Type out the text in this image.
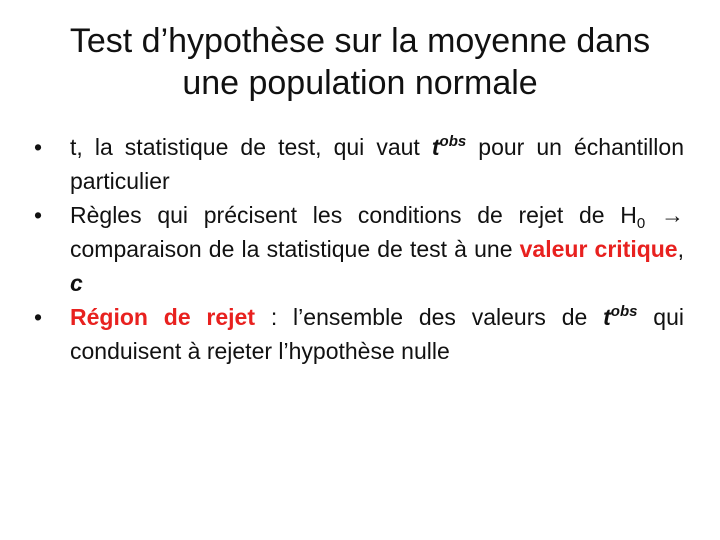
Test d’hypothèse sur la moyenne dans
une population normale
•	t, la statistique de test, qui vaut $t^{obs}$ pour un échantillon particulier
•	Règles qui précisent les conditions de rejet de $H_0$ → comparaison de la statistique de test à une valeur critique, c
•	Région de rejet : l’ensemble des valeurs de $t^{obs}$ qui conduisent à rejeter l’hypothèse nulle
